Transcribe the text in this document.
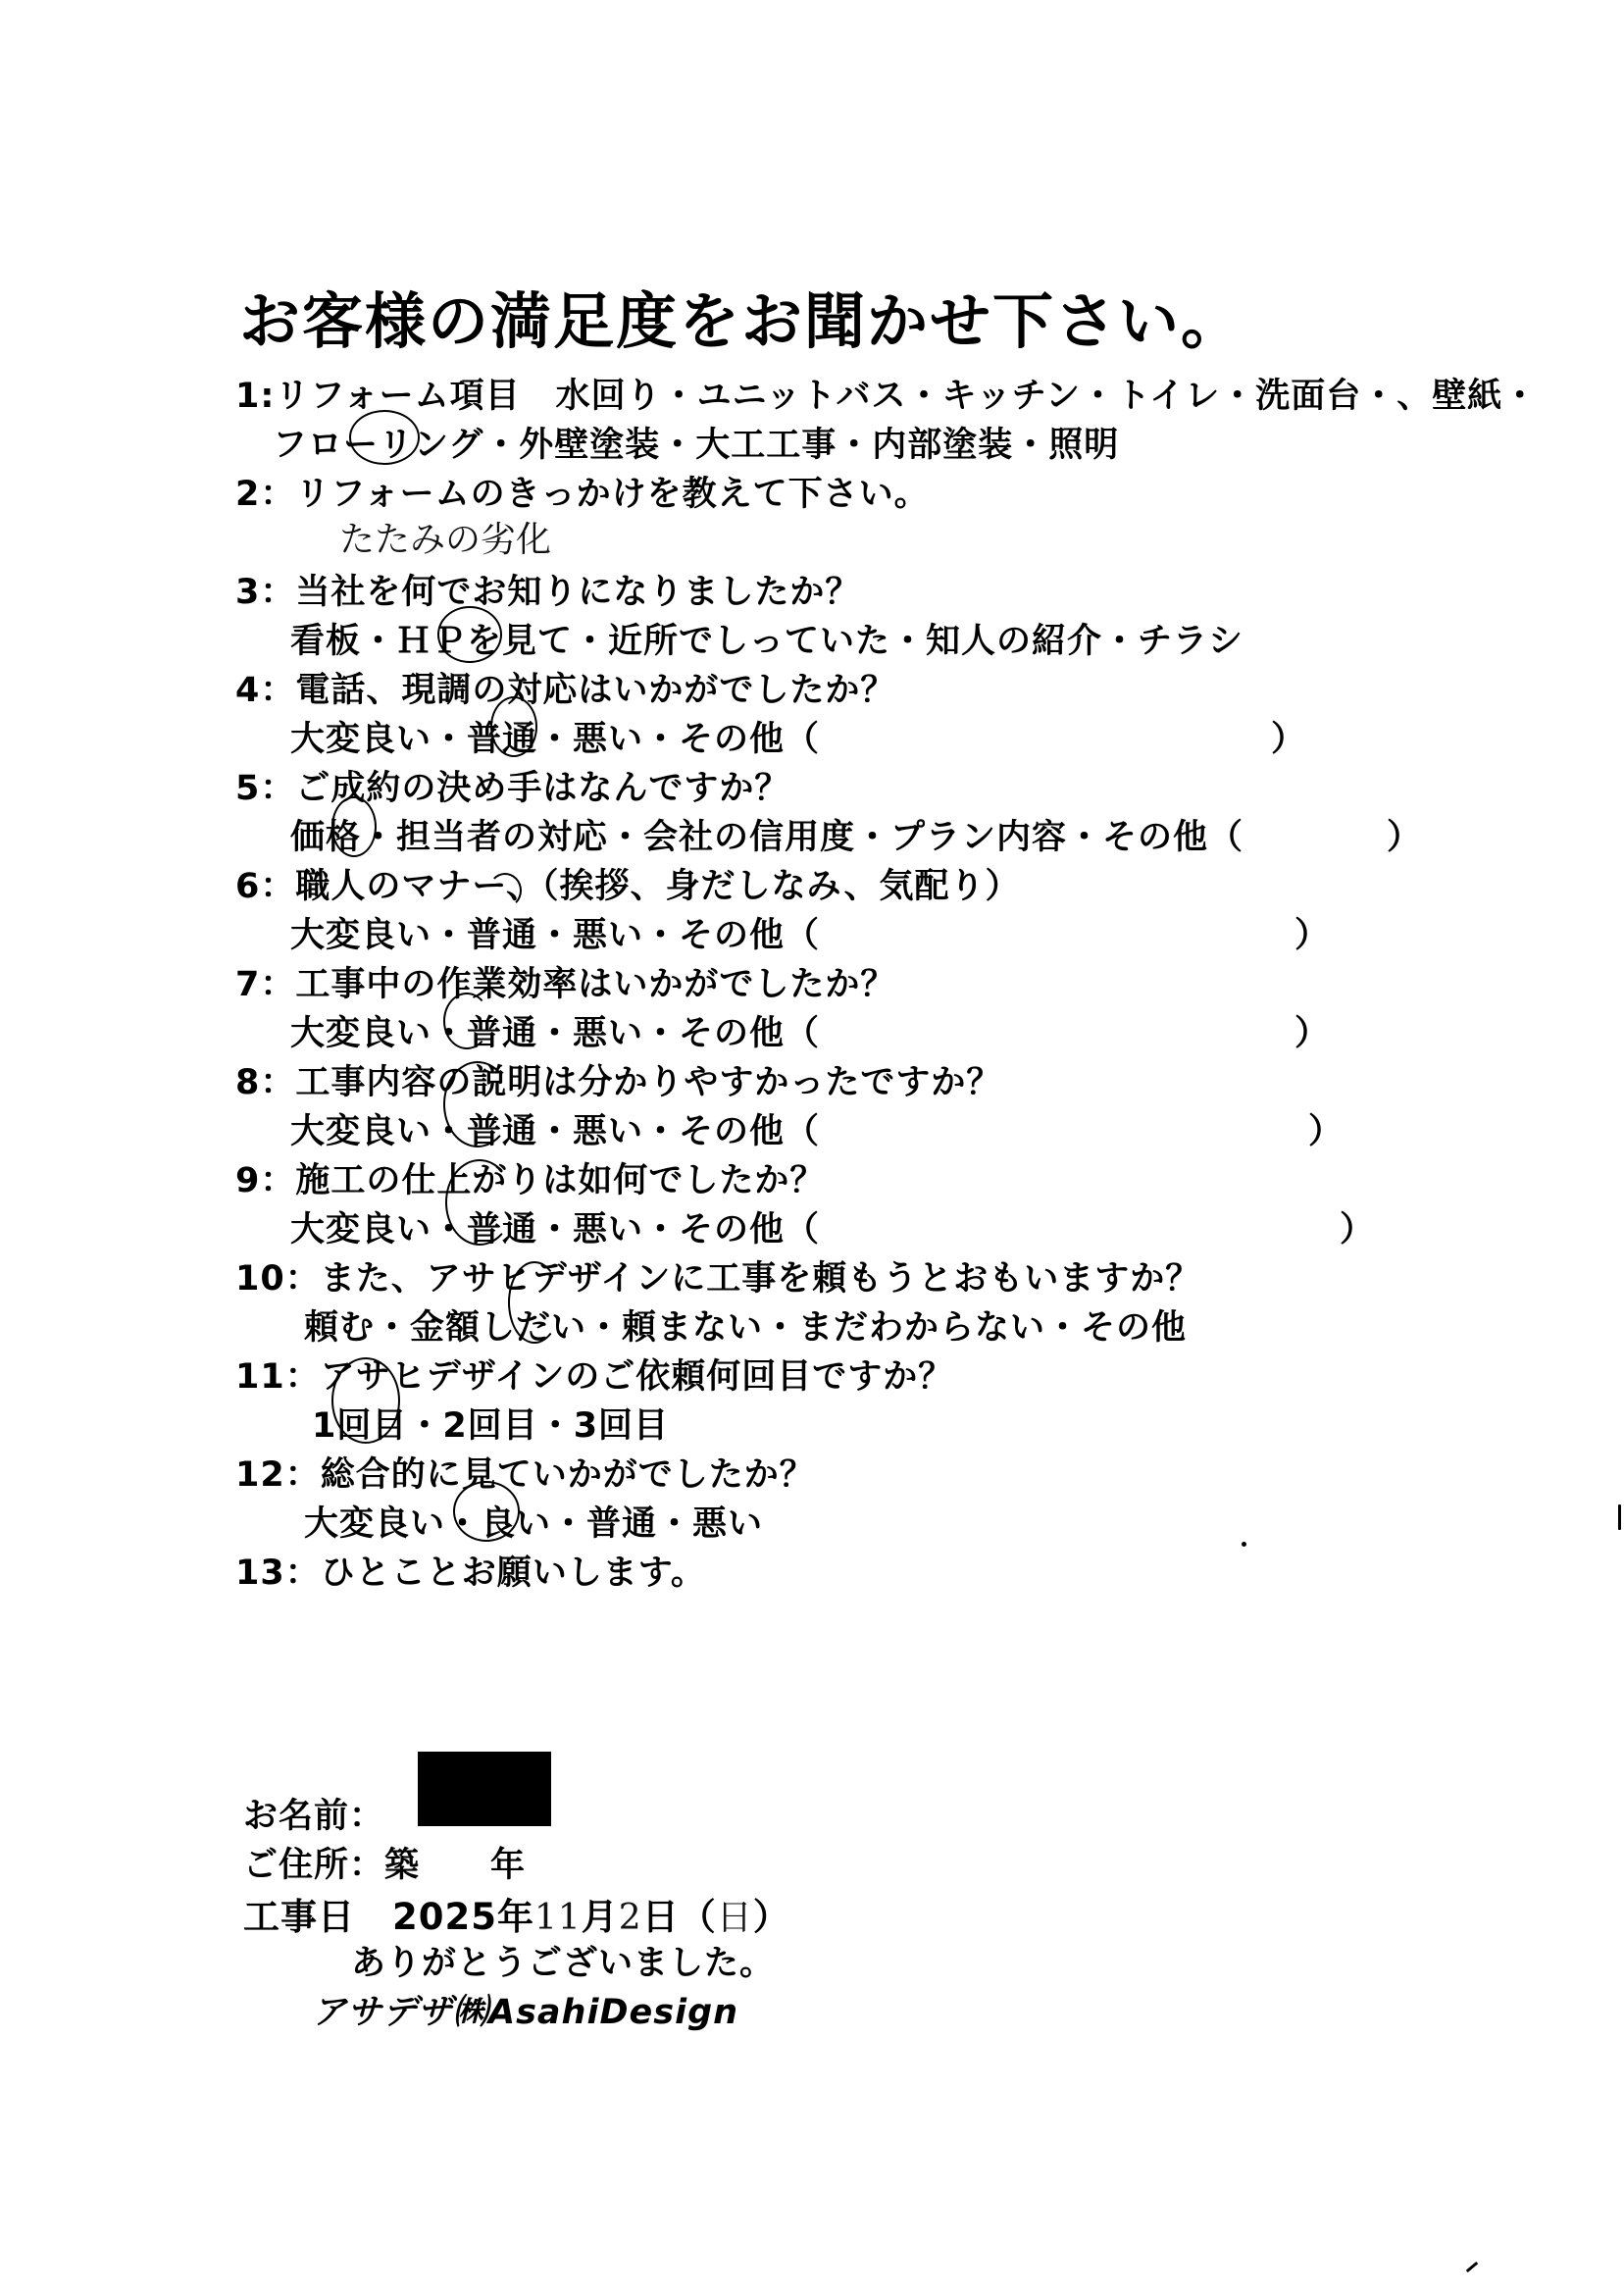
お客様の満足度をお聞かせ下さい。
1:リフォーム項目　水回り・ユニットバス・キッチン・トイレ・洗面台・、壁紙・
フローリング・外壁塗装・大工工事・内部塗装・照明
2：リフォームのきっかけを教えて下さい。
たたみの劣化
3：当社を何でお知りになりましたか？
看板・ＨＰを見て・近所でしっていた・知人の紹介・チラシ
4：電話、現調の対応はいかがでしたか？
大変良い・普通・悪い・その他（	）
5：ご成約の決め手はなんですか？
価格・担当者の対応・会社の信用度・プラン内容・その他（	）
6：職人のマナー、（挨拶、身だしなみ、気配り）
大変良い・普通・悪い・その他（	）
7：工事中の作業効率はいかがでしたか？
大変良い・普通・悪い・その他（	）
8：工事内容の説明は分かりやすかったですか？
大変良い・普通・悪い・その他（	）
9：施工の仕上がりは如何でしたか？
大変良い・普通・悪い・その他（	）
10：また、アサヒデザインに工事を頼もうとおもいますか？
頼む・金額しだい・頼まない・まだわからない・その他
11：アサヒデザインのご依頼何回目ですか？
1回目・2回目・3回目
12：総合的に見ていかがでしたか？
大変良い・良い・普通・悪い
13：ひとことお願いします。
お名前：
ご住所：築　　年
工事日　2025年11月2日（日）
ありがとうございました。
アサデザ㈱AsahiDesign
